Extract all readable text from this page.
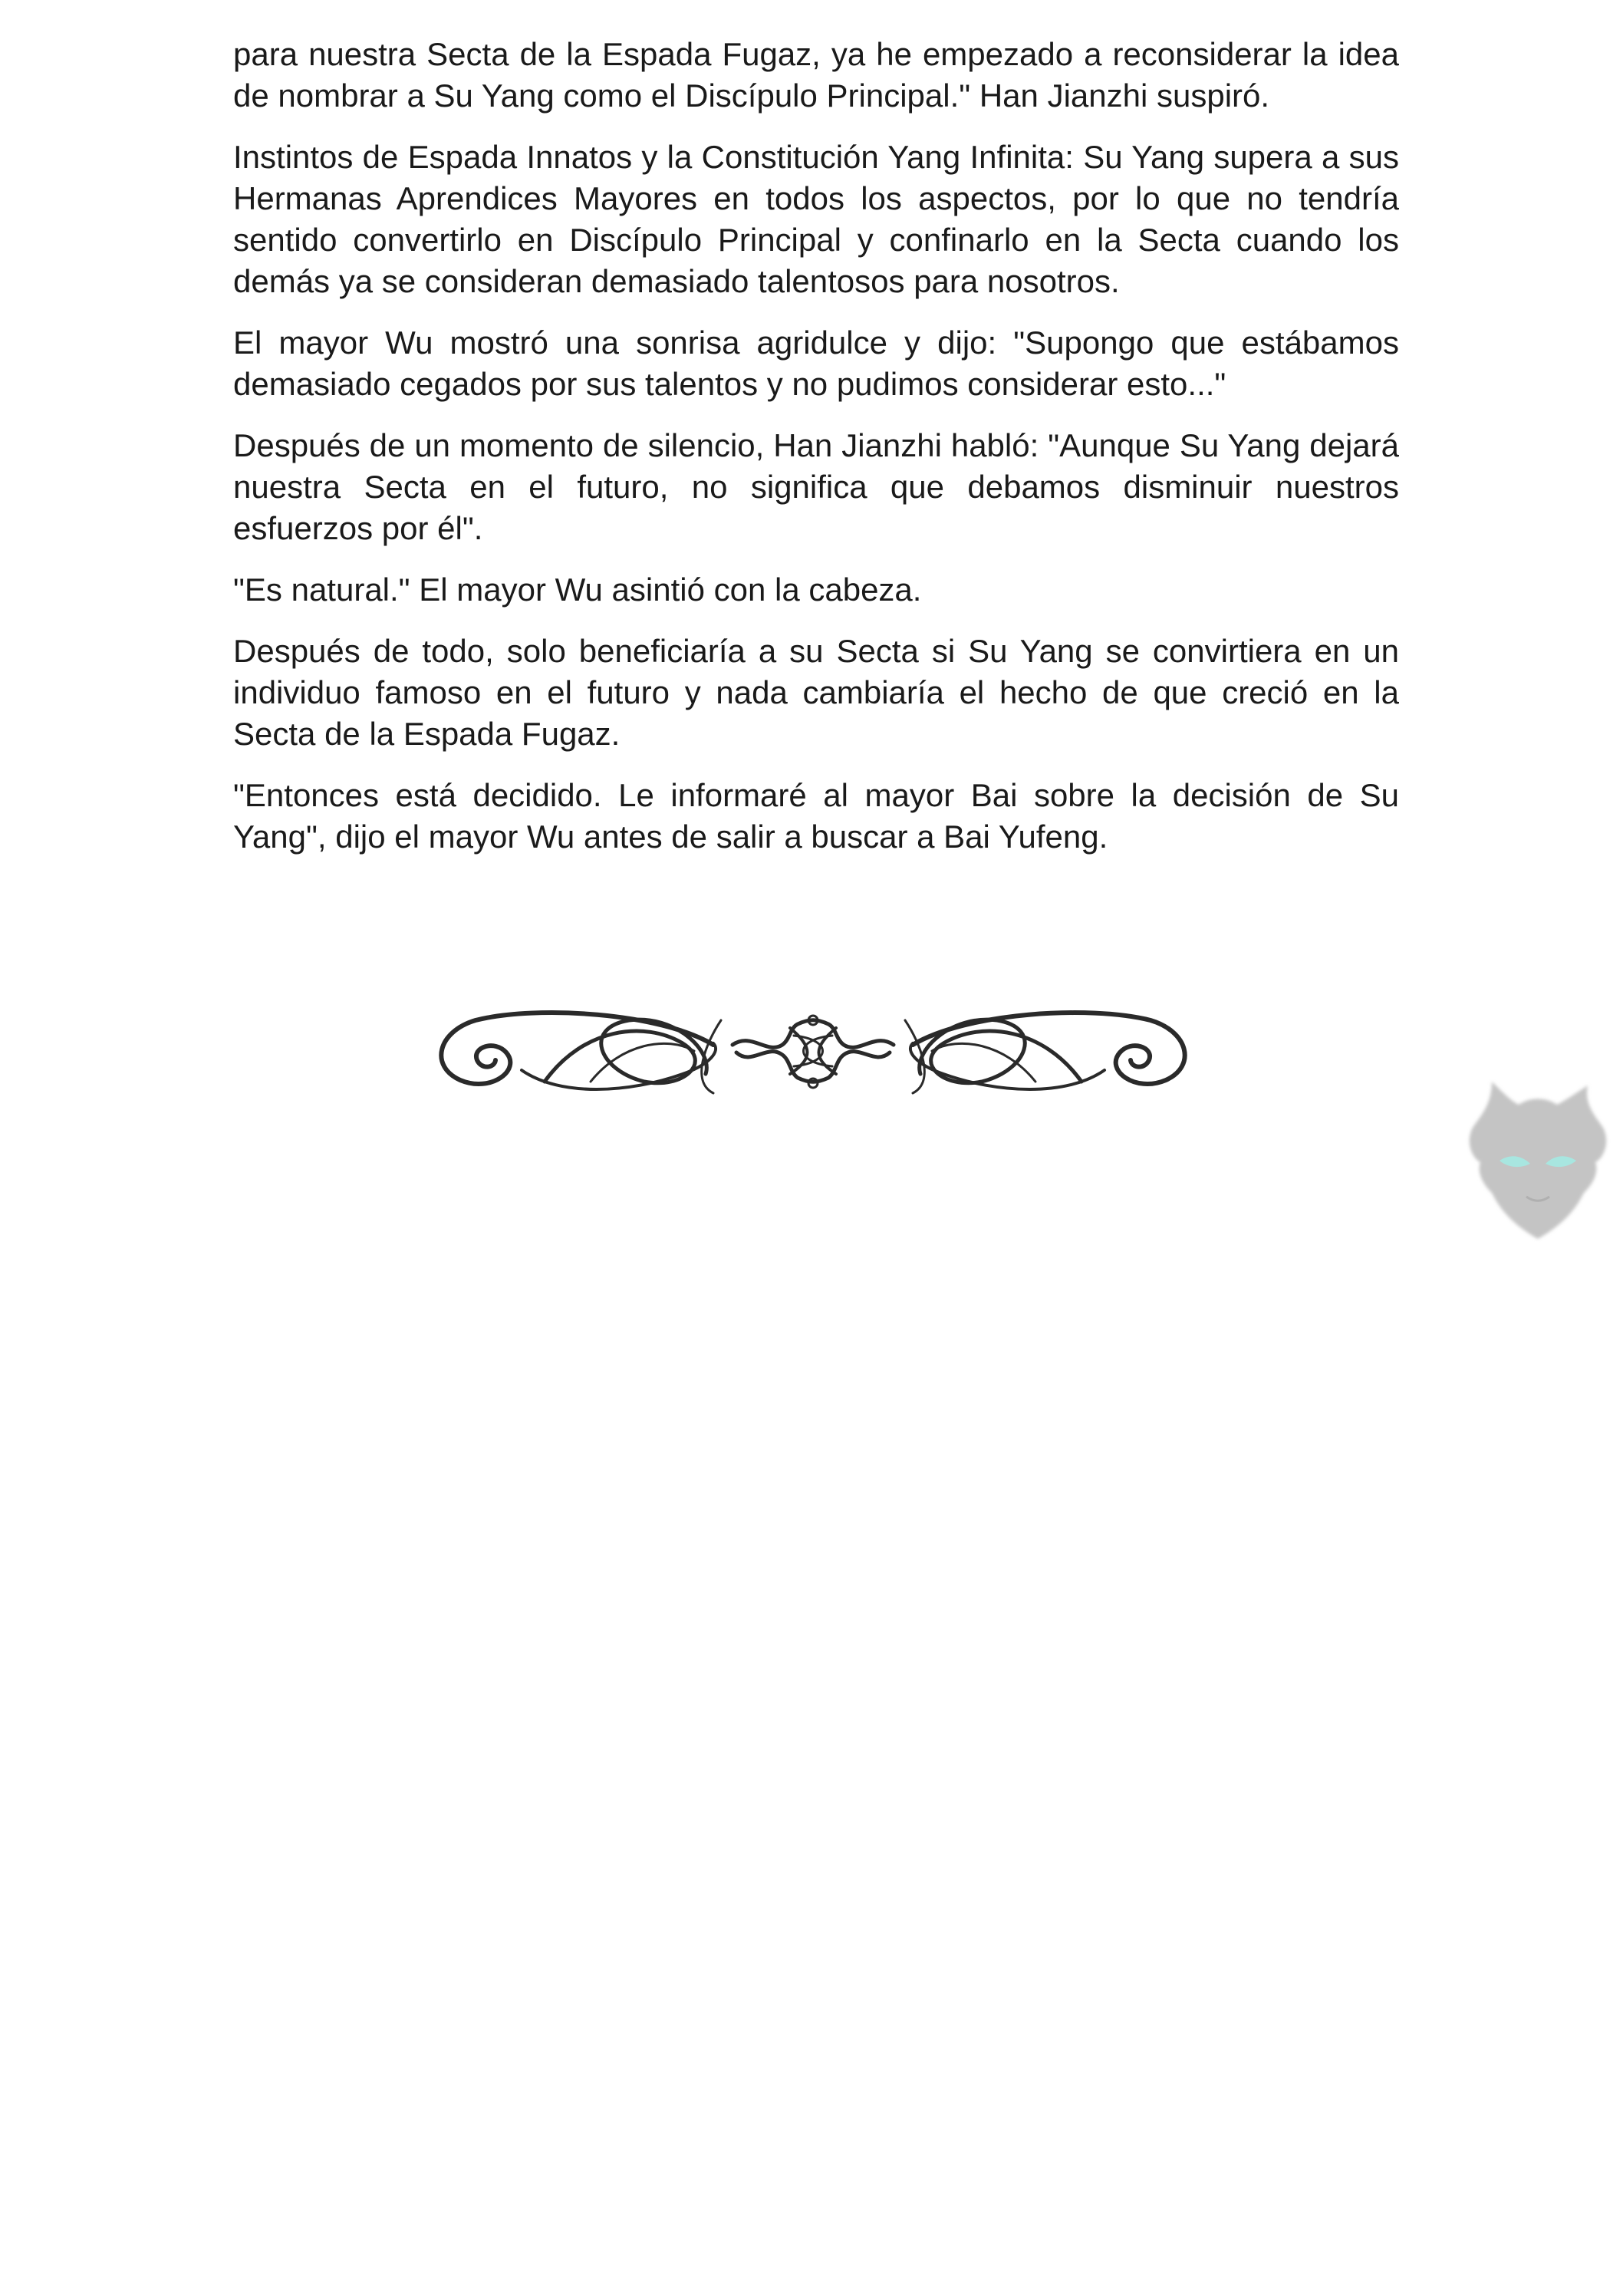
para nuestra Secta de la Espada Fugaz, ya he empezado a reconsiderar la idea de nombrar a Su Yang como el Discípulo Principal." Han Jianzhi suspiró.

Instintos de Espada Innatos y la Constitución Yang Infinita: Su Yang supera a sus Hermanas Aprendices Mayores en todos los aspectos, por lo que no tendría sentido convertirlo en Discípulo Principal y confinarlo en la Secta cuando los demás ya se consideran demasiado talentosos para nosotros.

El mayor Wu mostró una sonrisa agridulce y dijo: "Supongo que estábamos demasiado cegados por sus talentos y no pudimos considerar esto..."

Después de un momento de silencio, Han Jianzhi habló: "Aunque Su Yang dejará nuestra Secta en el futuro, no significa que debamos disminuir nuestros esfuerzos por él".

"Es natural." El mayor Wu asintió con la cabeza.

Después de todo, solo beneficiaría a su Secta si Su Yang se convirtiera en un individuo famoso en el futuro y nada cambiaría el hecho de que creció en la Secta de la Espada Fugaz.

"Entonces está decidido. Le informaré al mayor Bai sobre la decisión de Su Yang", dijo el mayor Wu antes de salir a buscar a Bai Yufeng.
